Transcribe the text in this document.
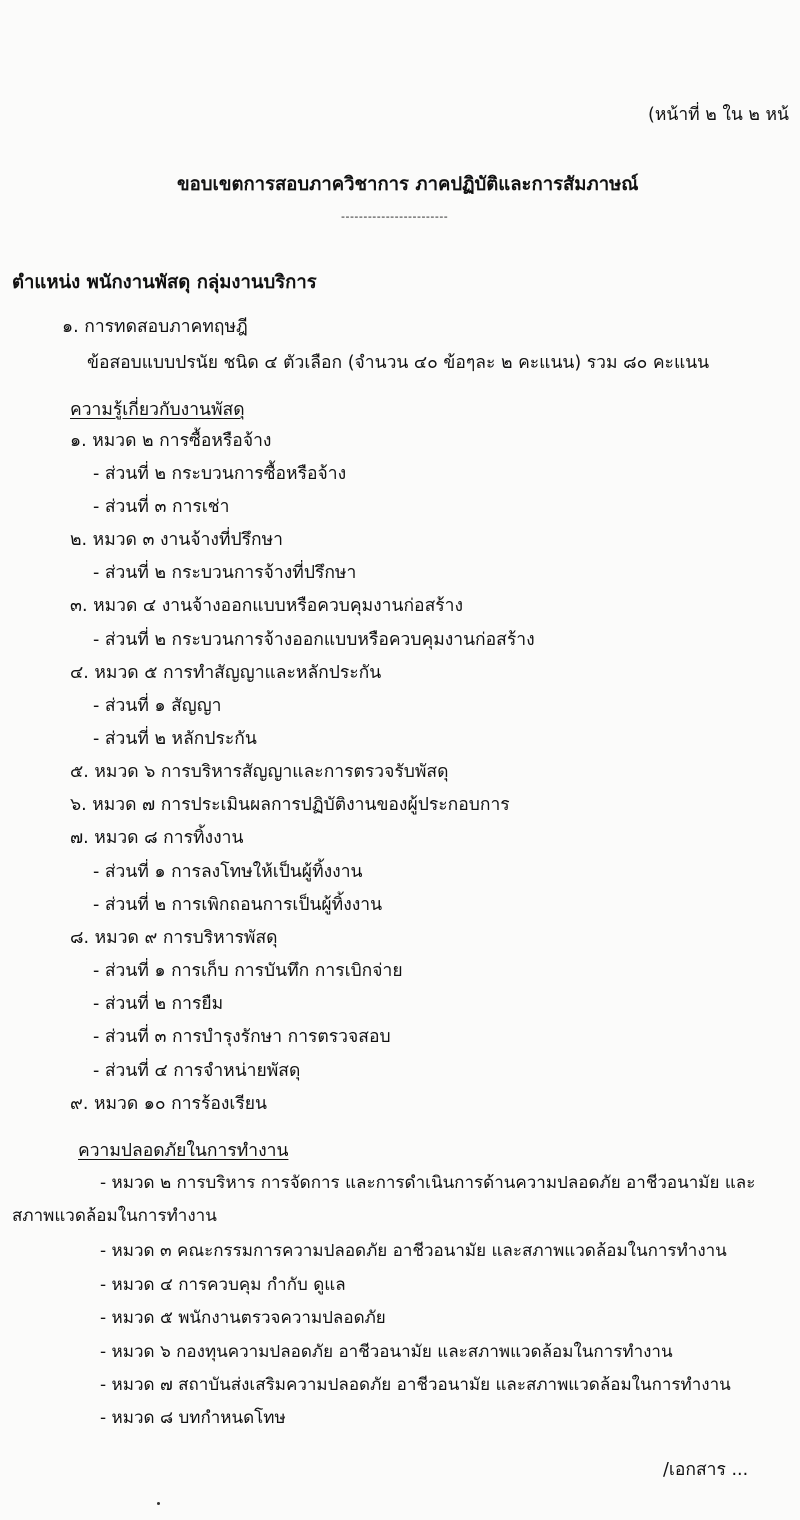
(หน้าที่ ๒ ใน ๒ หน้
ขอบเขตการสอบภาควิชาการ ภาคปฏิบัติและการสัมภาษณ์
------------------------
ตำแหน่ง พนักงานพัสดุ กลุ่มงานบริการ
๑. การทดสอบภาคทฤษฎี
ข้อสอบแบบปรนัย ชนิด ๔ ตัวเลือก (จำนวน ๔๐ ข้อๆละ ๒ คะแนน) รวม ๘๐ คะแนน
ความรู้เกี่ยวกับงานพัสดุ
๑. หมวด ๒ การซื้อหรือจ้าง
- ส่วนที่ ๒ กระบวนการซื้อหรือจ้าง
- ส่วนที่ ๓ การเช่า
๒. หมวด ๓ งานจ้างที่ปรึกษา
- ส่วนที่ ๒ กระบวนการจ้างที่ปรึกษา
๓. หมวด ๔ งานจ้างออกแบบหรือควบคุมงานก่อสร้าง
- ส่วนที่ ๒ กระบวนการจ้างออกแบบหรือควบคุมงานก่อสร้าง
๔. หมวด ๕ การทำสัญญาและหลักประกัน
- ส่วนที่ ๑ สัญญา
- ส่วนที่ ๒ หลักประกัน
๕. หมวด ๖ การบริหารสัญญาและการตรวจรับพัสดุ
๖. หมวด ๗ การประเมินผลการปฏิบัติงานของผู้ประกอบการ
๗. หมวด ๘ การทิ้งงาน
- ส่วนที่ ๑ การลงโทษให้เป็นผู้ทิ้งงาน
- ส่วนที่ ๒ การเพิกถอนการเป็นผู้ทิ้งงาน
๘. หมวด ๙ การบริหารพัสดุ
- ส่วนที่ ๑ การเก็บ การบันทึก การเบิกจ่าย
- ส่วนที่ ๒ การยืม
- ส่วนที่ ๓ การบำรุงรักษา การตรวจสอบ
- ส่วนที่ ๔ การจำหน่ายพัสดุ
๙. หมวด ๑๐ การร้องเรียน
ความปลอดภัยในการทำงาน
- หมวด ๒ การบริหาร การจัดการ และการดำเนินการด้านความปลอดภัย อาชีวอนามัย และ
สภาพแวดล้อมในการทำงาน
- หมวด ๓ คณะกรรมการความปลอดภัย อาชีวอนามัย และสภาพแวดล้อมในการทำงาน
- หมวด ๔ การควบคุม กำกับ ดูแล
- หมวด ๕ พนักงานตรวจความปลอดภัย
- หมวด ๖ กองทุนความปลอดภัย อาชีวอนามัย และสภาพแวดล้อมในการทำงาน
- หมวด ๗ สถาบันส่งเสริมความปลอดภัย อาชีวอนามัย และสภาพแวดล้อมในการทำงาน
- หมวด ๘ บทกำหนดโทษ
/เอกสาร ...
